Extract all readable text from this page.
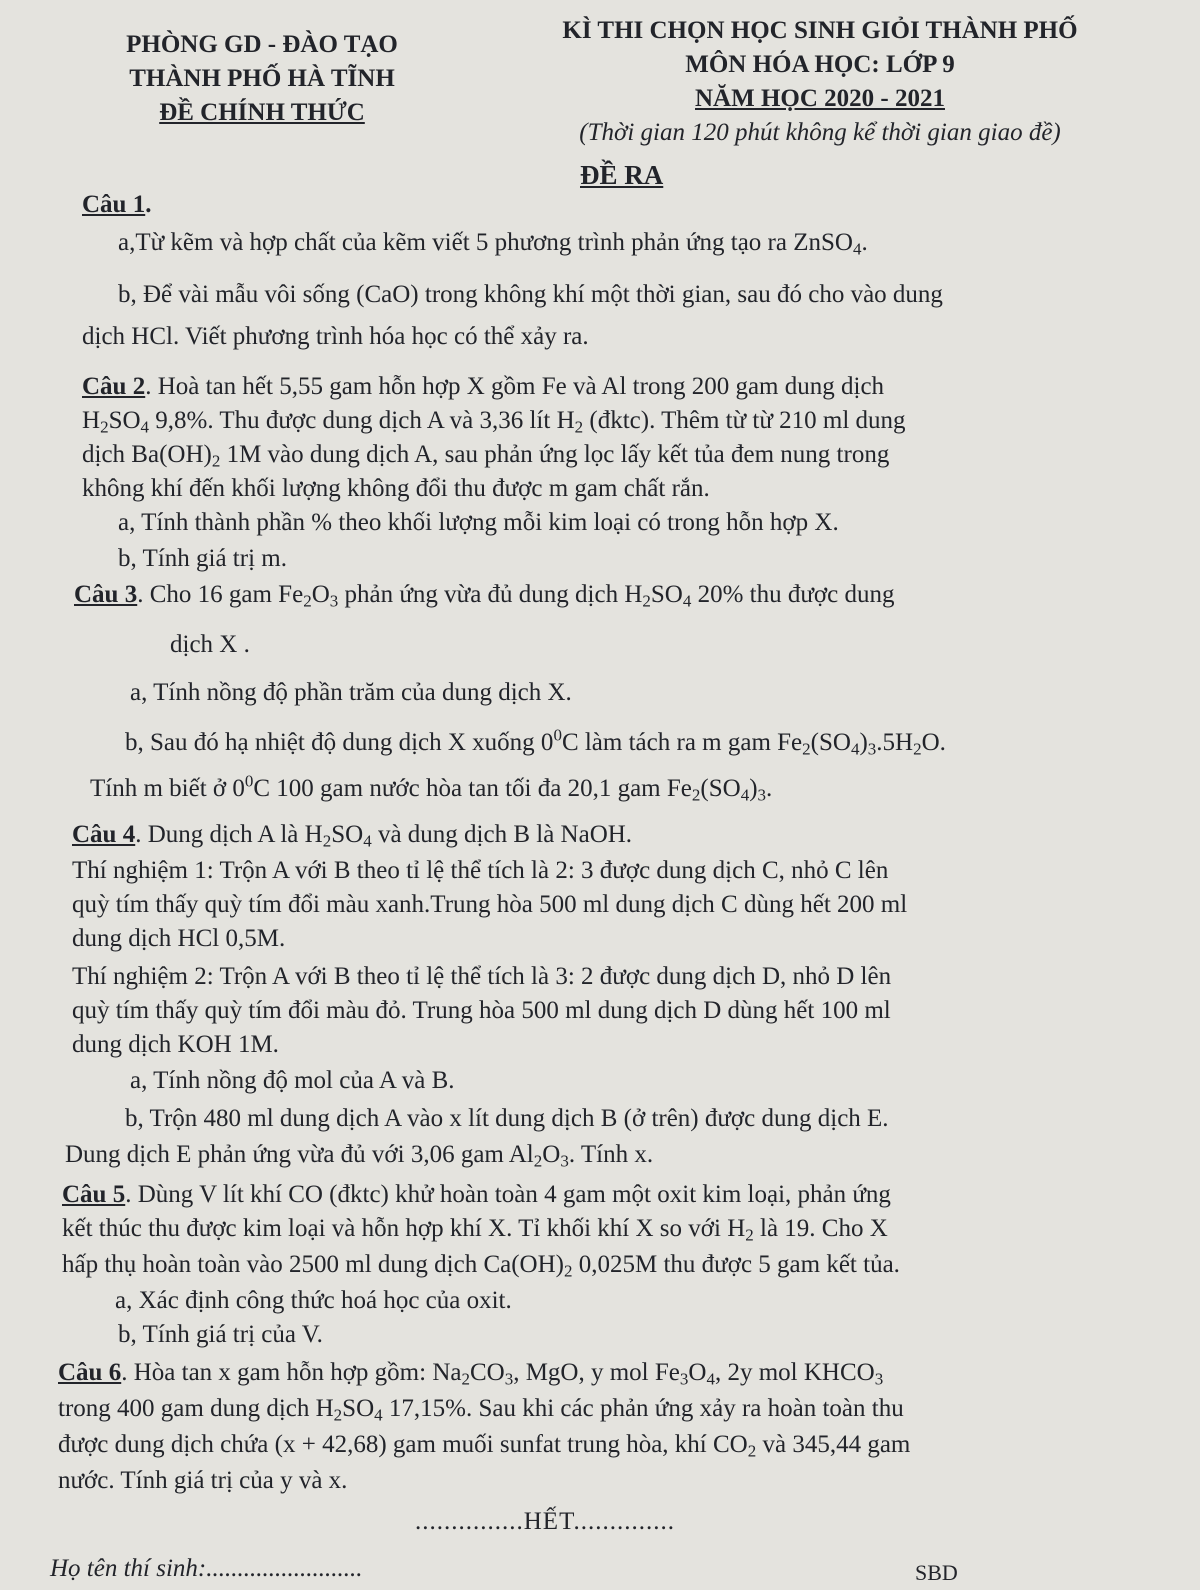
PHÒNG GD - ĐÀO TẠO
THÀNH PHỐ HÀ TĨNH
ĐỀ CHÍNH THỨC
KÌ THI CHỌN HỌC SINH GIỎI THÀNH PHỐ
MÔN HÓA HỌC: LỚP 9
NĂM HỌC 2020 - 2021
(Thời gian 120 phút không kể thời gian giao đề)
ĐỀ RA
Câu 1.
a,Từ kẽm và hợp chất của kẽm viết 5 phương trình phản ứng tạo ra ZnSO$_4$.
b, Để vài mẫu vôi sống (CaO) trong không khí một thời gian, sau đó cho vào dung
dịch HCl. Viết phương trình hóa học có thể xảy ra.
Câu 2. Hoà tan hết 5,55 gam hỗn hợp X gồm Fe và Al trong 200 gam dung dịch
$H_2SO_4$ 9,8%. Thu được dung dịch A và 3,36 lít $H_2$ (đktc). Thêm từ từ 210 ml dung
dịch $Ba(OH)_2$ 1M vào dung dịch A, sau phản ứng lọc lấy kết tủa đem nung trong
không khí đến khối lượng không đổi thu được m gam chất rắn.
a, Tính thành phần % theo khối lượng mỗi kim loại có trong hỗn hợp X.
b, Tính giá trị m.
Câu 3. Cho 16 gam $Fe_2O_3$ phản ứng vừa đủ dung dịch $H_2SO_4$ 20% thu được dung
dịch X .
a, Tính nồng độ phần trăm của dung dịch X.
b, Sau đó hạ nhiệt độ dung dịch X xuống $0^0C$ làm tách ra m gam $Fe_2(SO_4)_3.5H_2O$.
Tính m biết ở $0^0C$ 100 gam nước hòa tan tối đa 20,1 gam $Fe_2(SO_4)_3$.
Câu 4. Dung dịch A là $H_2SO_4$ và dung dịch B là NaOH.
Thí nghiệm 1: Trộn A với B theo tỉ lệ thể tích là 2: 3 được dung dịch C, nhỏ C lên
quỳ tím thấy quỳ tím đổi màu xanh.Trung hòa 500 ml dung dịch C dùng hết 200 ml
dung dịch HCl 0,5M.
Thí nghiệm 2: Trộn A với B theo tỉ lệ thể tích là 3: 2 được dung dịch D, nhỏ D lên
quỳ tím thấy quỳ tím đổi màu đỏ. Trung hòa 500 ml dung dịch D dùng hết 100 ml
dung dịch KOH 1M.
a, Tính nồng độ mol của A và B.
b, Trộn 480 ml dung dịch A vào x lít dung dịch B (ở trên) được dung dịch E.
Dung dịch E phản ứng vừa đủ với 3,06 gam $Al_2O_3$. Tính x.
Câu 5. Dùng V lít khí CO (đktc) khử hoàn toàn 4 gam một oxit kim loại, phản ứng
kết thúc thu được kim loại và hỗn hợp khí X. Tỉ khối khí X so với $H_2$ là 19. Cho X
hấp thụ hoàn toàn vào 2500 ml dung dịch $Ca(OH)_2$ 0,025M thu được 5 gam kết tủa.
a, Xác định công thức hoá học của oxit.
b, Tính giá trị của V.
Câu 6. Hòa tan x gam hỗn hợp gồm: $Na_2CO_3$, MgO, y mol $Fe_3O_4$, 2y mol $KHCO_3$
trong 400 gam dung dịch $H_2SO_4$ 17,15%. Sau khi các phản ứng xảy ra hoàn toàn thu
được dung dịch chứa (x + 42,68) gam muối sunfat trung hòa, khí $CO_2$ và 345,44 gam
nước. Tính giá trị của y và x.
...............HẾT..............
Họ tên thí sinh:.........................	SBD
